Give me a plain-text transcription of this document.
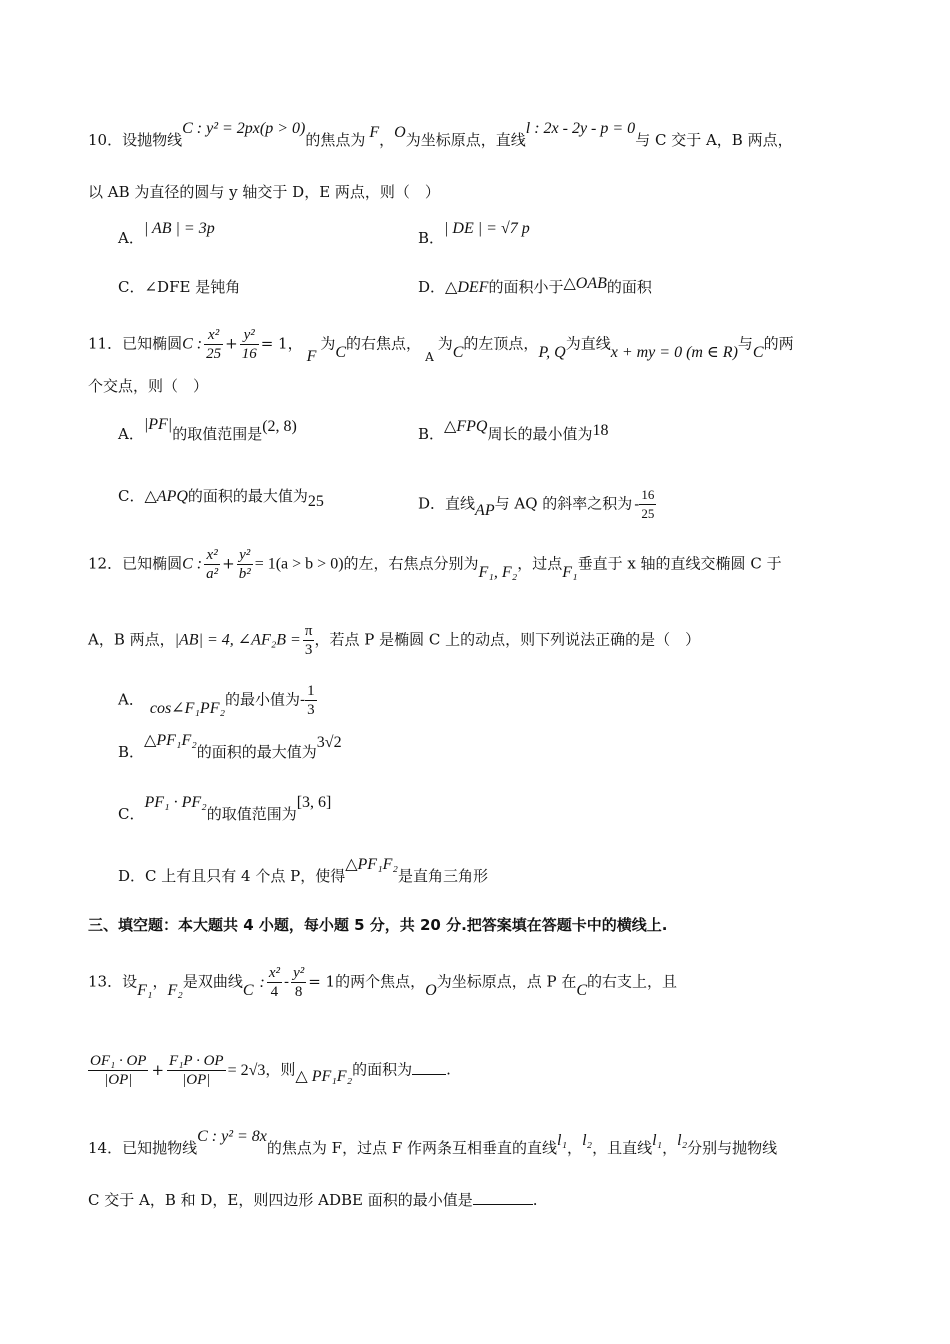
10．设抛物线C : y² = 2px(p > 0)的焦点为 F，O为坐标原点，直线l : 2x - 2y - p = 0与 C 交于 A，B 两点，
以 AB 为直径的圆与 y 轴交于 D，E 两点，则（　）
A．| AB | = 3p
B．| DE | = √7 p
C．∠DFE 是钝角	D．△DEF的面积小于△OAB的面积
11．已知椭圆C : $\frac{\text{x²}}{25} + \frac{\text{y²}}{16} = 1$，F为C的右焦点，$_A$为C的左顶点，P, Q为直线x + my = 0 (m ∈ R)与C的两
个交点，则（　）
A．|PF|的取值范围是(2, 8)	B．△FPQ周长的最小值为18
C．△APQ的面积的最大值为25	D．直线AP与 AQ 的斜率之积为 - $\frac{16}{25}$
12．已知椭圆C : $\frac{\text{x²}}{\text{a²}} + \frac{\text{y²}}{\text{b²}} = 1(a > b > 0)$的左，右焦点分别为F₁, F₂，过点F₁垂直于 x 轴的直线交椭圆 C 于
A，B 两点，|AB| = 4, ∠AF₂B = $\frac{\pi}{3}$ ，若点 P 是椭圆 C 上的动点，则下列说法正确的是（　）
A． cos∠F₁PF₂的最小值为- $\frac{1}{3}$
B．△PF₁F₂的面积的最大值为3√2
C．PF₁ · PF₂的取值范围为[3, 6]
D．C 上有且只有 4 个点 P，使得△PF₁F₂是直角三角形
三、填空题：本大题共 4 小题，每小题 5 分，共 20 分.把答案填在答题卡中的横线上.
13．设F₁，F₂是双曲线C : $\frac{\text{x²}}{4} - \frac{\text{y²}}{8} = 1$的两个焦点，O为坐标原点，点 P 在C的右支上，且
$\frac{\text{OF₁ · OP}}{|OP|} + \frac{\text{F₁P · OP}}{|OP|} = 2√3$，则△ PF₁F₂的面积为 .
14．已知抛物线C : y² = 8x的焦点为 F，过点 F 作两条互相垂直的直线l₁，l₂，且直线l₁，l₂分别与抛物线
C 交于 A，B 和 D，E，则四边形 ADBE 面积的最小值是	.
